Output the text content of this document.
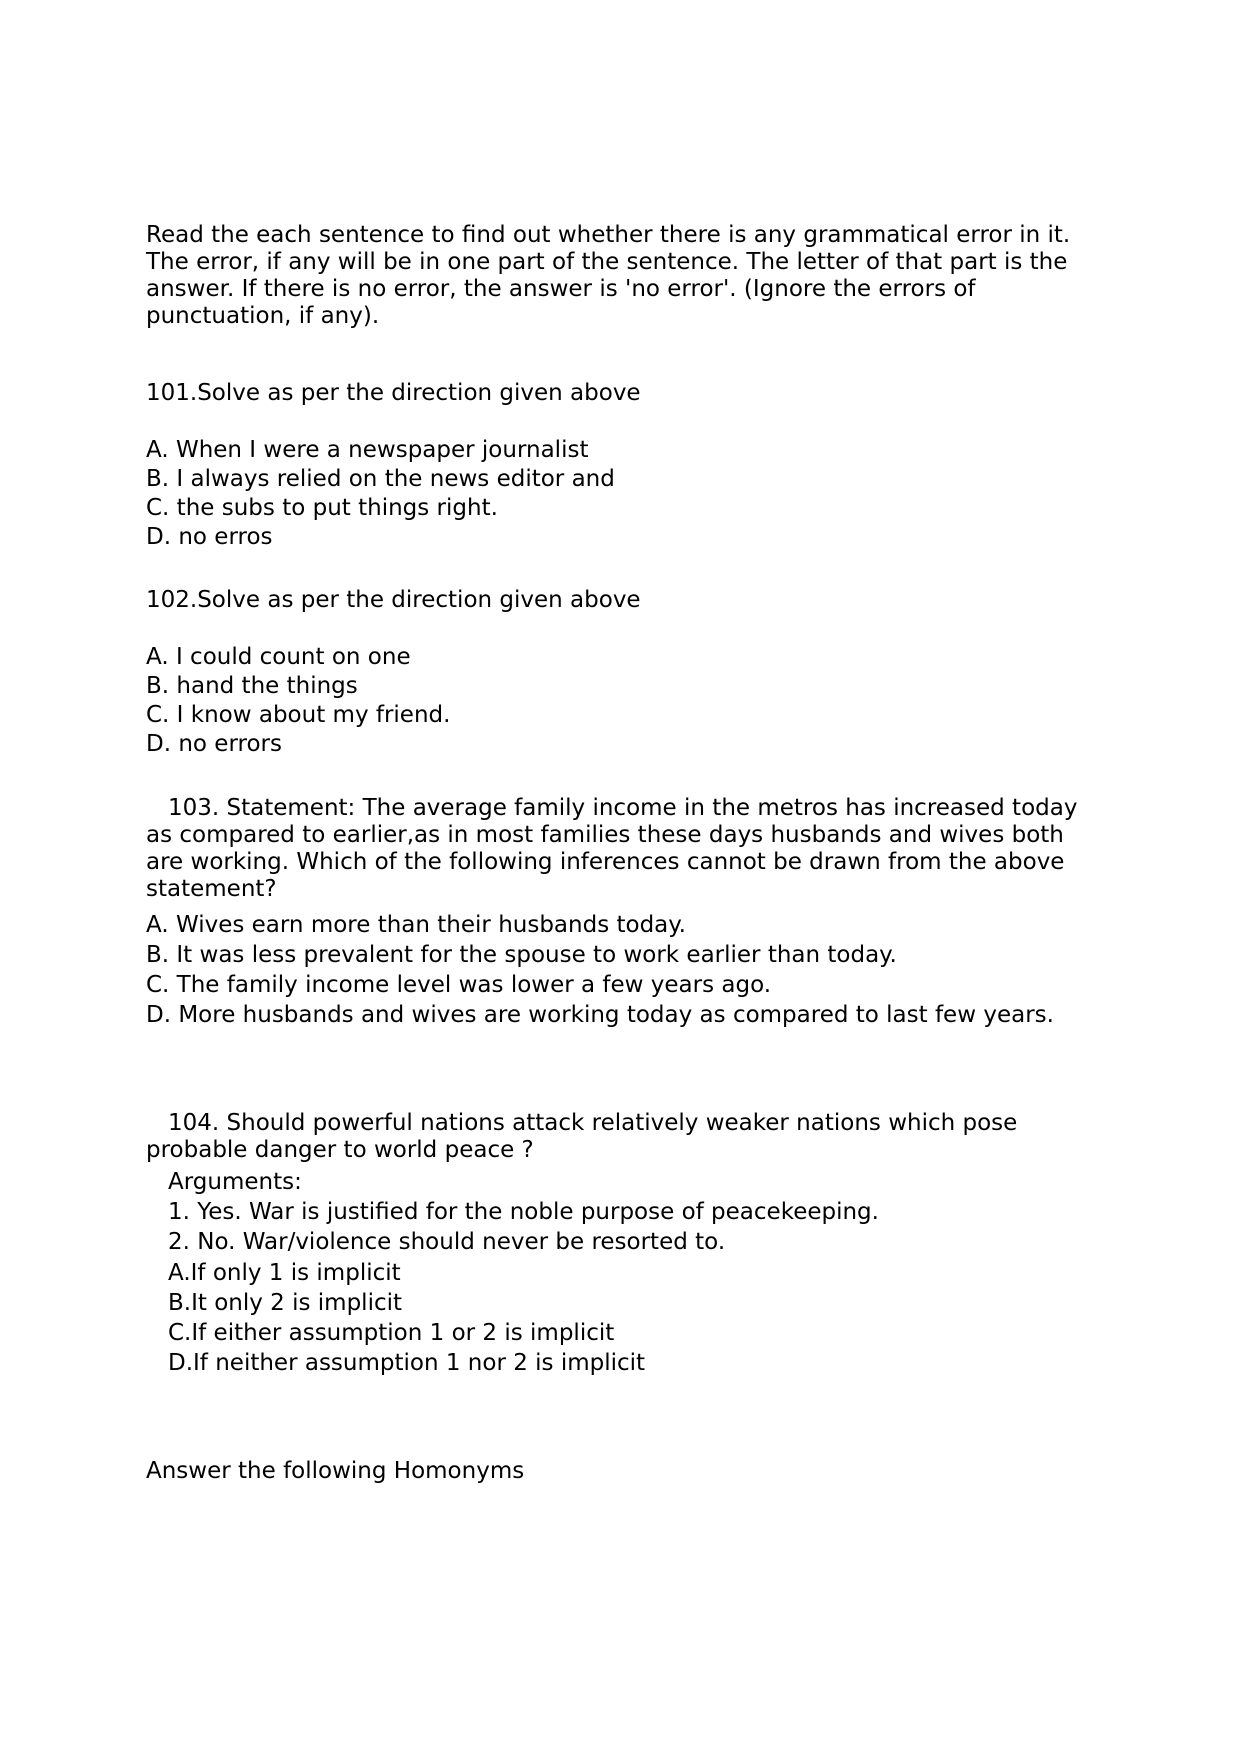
Read the each sentence to find out whether there is any grammatical error in it. The error, if any will be in one part of the sentence. The letter of that part is the answer. If there is no error, the answer is 'no error'. (Ignore the errors of punctuation, if any).
101.Solve as per the direction given above
A. When I were a newspaper journalist
B. I always relied on the news editor and
C. the subs to put things right.
D. no erros
102.Solve as per the direction given above
A. I could count on one
B. hand the things
C. I know about my friend.
D. no errors
103. Statement: The average family income in the metros has increased today as compared to earlier,as in most families these days husbands and wives both are working. Which of the following inferences cannot be drawn from the above statement?
A. Wives earn more than their husbands today.
B. It was less prevalent for the spouse to work earlier than today.
C. The family income level was lower a few years ago.
D. More husbands and wives are working today as compared to last few years.
104. Should powerful nations attack relatively weaker nations which pose probable danger to world peace ?
Arguments:
1. Yes. War is justified for the noble purpose of peacekeeping.
2. No. War/violence should never be resorted to.
A.If only 1 is implicit
B.It only 2 is implicit
C.If either assumption 1 or 2 is implicit
D.If neither assumption 1 nor 2 is implicit
Answer the following Homonyms
